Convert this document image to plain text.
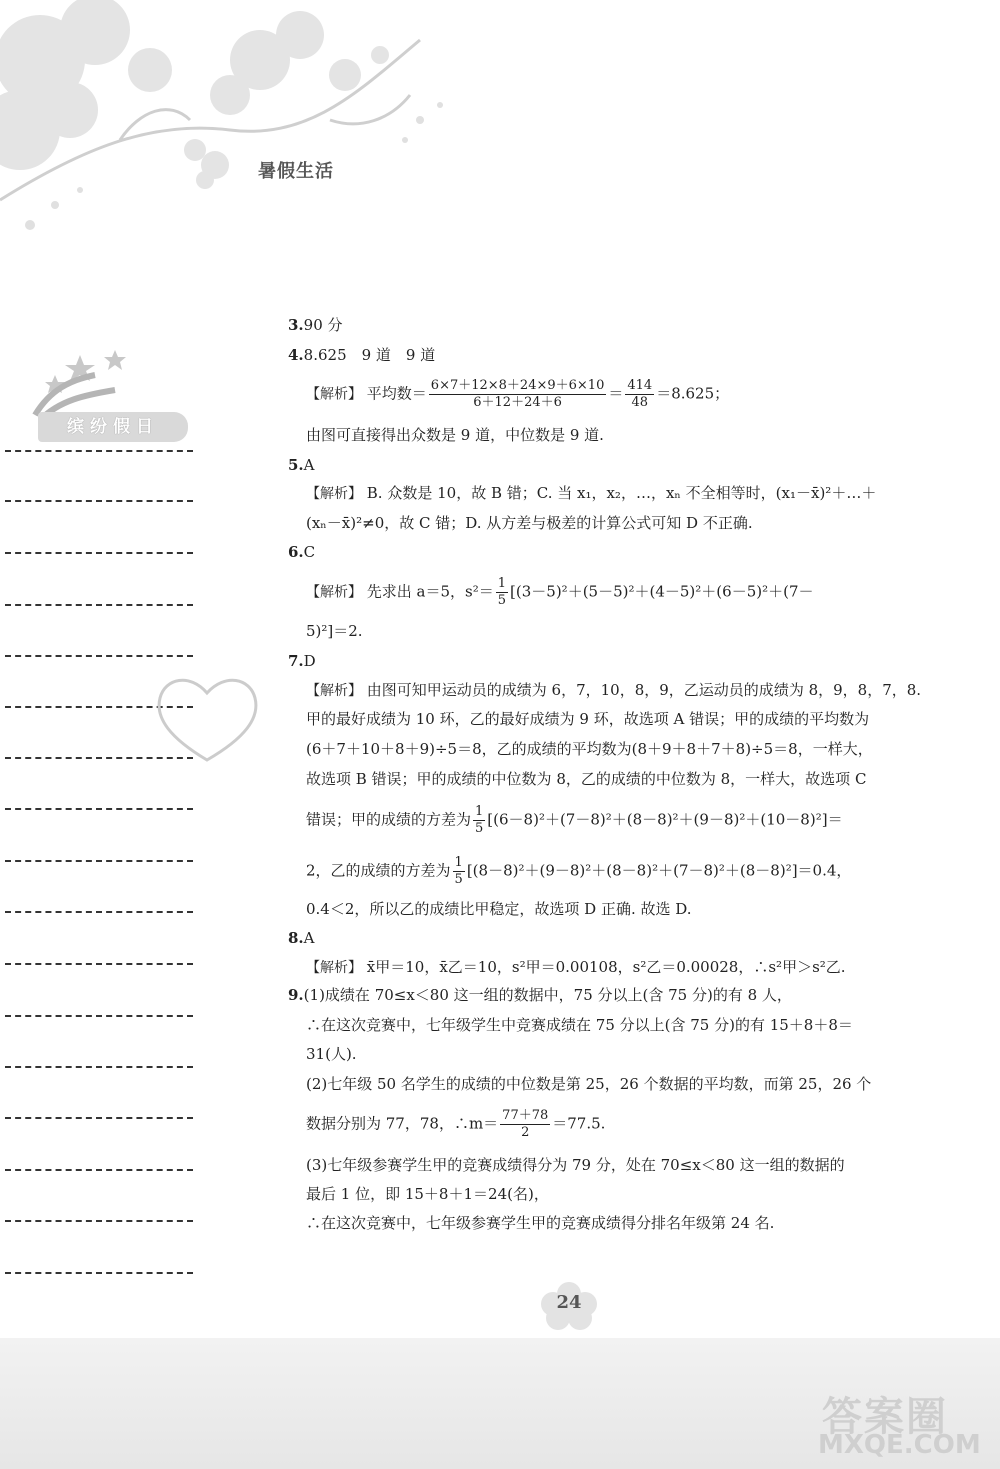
暑假生活
缤纷假日
3.90 分
4.8.625　9 道　9 道
【解析】 平均数＝ $\frac{6\times 7+12\times 8+24\times 9+6\times 10}{6+12+24+6} = \frac{414}{48} =8.625$；
由图可直接得出众数是 9 道，中位数是 9 道.
5.A
【解析】 B. 众数是 10，故 B 错；C. 当 x₁，x₂，…，xₙ 不全相等时，(x₁－x̄)²＋…＋
(xₙ－x̄)²≠0，故 C 错；D. 从方差与极差的计算公式可知 D 不正确.
6.C
【解析】 先求出 a＝5，$s^2= \frac{1}{5} [(3-5)^2+(5-5)^2+(4-5)^2+(6-5)^2+(7-$
5)²]＝2.
7.D
【解析】 由图可知甲运动员的成绩为 6，7，10，8，9，乙运动员的成绩为 8，9，8，7，8.
甲的最好成绩为 10 环，乙的最好成绩为 9 环，故选项 A 错误；甲的成绩的平均数为
(6＋7＋10＋8＋9)÷5＝8，乙的成绩的平均数为(8＋9＋8＋7＋8)÷5＝8，一样大，
故选项 B 错误；甲的成绩的中位数为 8，乙的成绩的中位数为 8，一样大，故选项 C
错误；甲的成绩的方差为 $\frac{1}{5} [(6-8)^2+(7-8)^2+(8-8)^2+(9-8)^2+(10-8)^2]=$
2，乙的成绩的方差为 $\frac{1}{5} [(8-8)^2+(9-8)^2+(8-8)^2+(7-8)^2+(8-8)^2]=0.4$，
0.4＜2，所以乙的成绩比甲稳定，故选项 D 正确. 故选 D.
8.A
【解析】 x̄甲＝10，x̄乙＝10，s²甲＝0.00108，s²乙＝0.00028，∴s²甲＞s²乙.
9.(1)成绩在 70≤x＜80 这一组的数据中，75 分以上(含 75 分)的有 8 人，
∴在这次竞赛中，七年级学生中竞赛成绩在 75 分以上(含 75 分)的有 15＋8＋8＝
31(人).
(2)七年级 50 名学生的成绩的中位数是第 25，26 个数据的平均数，而第 25，26 个
数据分别为 77，78，∴m＝ $\frac{77+78}{2} =77.5$.
(3)七年级参赛学生甲的竞赛成绩得分为 79 分，处在 70≤x＜80 这一组的数据的
最后 1 位，即 15＋8＋1＝24(名)，
∴在这次竞赛中，七年级参赛学生甲的竞赛成绩得分排名年级第 24 名.
24
答案圈
MXQE.COM
